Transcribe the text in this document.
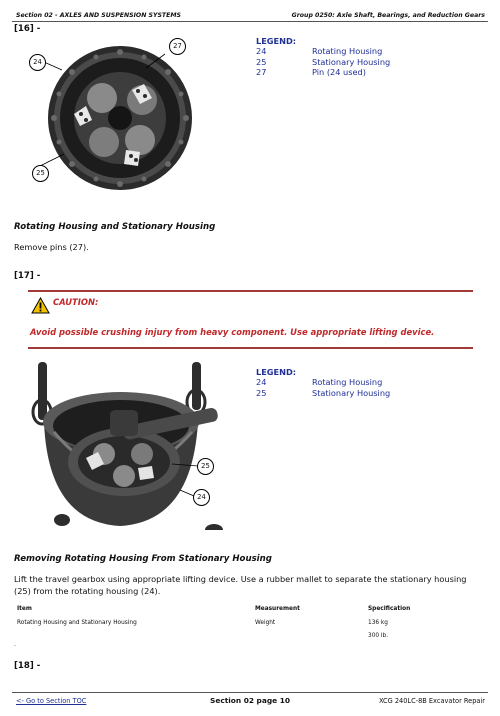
Section 02 - AXLES AND SUSPENSION SYSTEMS	Group 0250: Axle Shaft, Bearings, and Reduction Gears
[16] -
24
27
25
LEGEND:
24	Rotating Housing
25	Stationary Housing
27	Pin (24 used)
Rotating Housing and Stationary Housing
Remove pins (27).
[17] -
CAUTION:
Avoid possible crushing injury from heavy component. Use appropriate lifting device.
25
24
LEGEND:
24	Rotating Housing
25	Stationary Housing
Removing Rotating Housing From Stationary Housing
Lift the travel gearbox using appropriate lifting device. Use a rubber mallet to separate the stationary housing (25) from the rotating housing (24).
Item	Measurement	Specification
Rotating Housing and Stationary Housing	Weight	136 kg
300 lb.
.
[18] -
<- Go to Section TOC	Section 02 page 10	XCG 240LC-8B Excavator Repair
